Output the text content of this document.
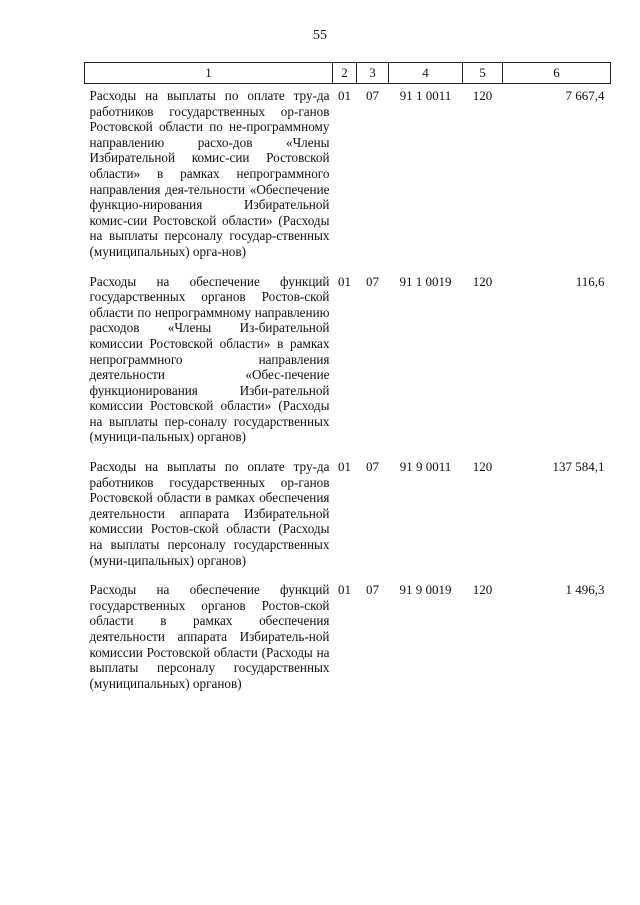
55
1	2	3	4	5	6
Расходы на выплаты по оплате тру-да работников государственных ор-ганов Ростовской области по не-программному направлению расхо-дов «Члены Избирательной комис-сии Ростовской области» в рамках непрограммного направления дея-тельности «Обеспечение функцио-нирования Избирательной комис-сии Ростовской области» (Расходы на выплаты персоналу государ-ственных (муниципальных) орга-нов)	01	07	91 1 0011	120	7 667,4
Расходы на обеспечение функций государственных органов Ростов-ской области по непрограммному направлению расходов «Члены Из-бирательной комиссии Ростовской области» в рамках непрограммного направления деятельности «Обес-печение функционирования Изби-рательной комиссии Ростовской области» (Расходы на выплаты пер-соналу государственных (муници-пальных) органов)	01	07	91 1 0019	120	116,6
Расходы на выплаты по оплате тру-да работников государственных ор-ганов Ростовской области в рамках обеспечения деятельности аппарата Избирательной комиссии Ростов-ской области (Расходы на выплаты персоналу государственных (муни-ципальных) органов)	01	07	91 9 0011	120	137 584,1
Расходы на обеспечение функций государственных органов Ростов-ской области в рамках обеспечения деятельности аппарата Избиратель-ной комиссии Ростовской области (Расходы на выплаты персоналу государственных (муниципальных) органов)	01	07	91 9 0019	120	1 496,3
